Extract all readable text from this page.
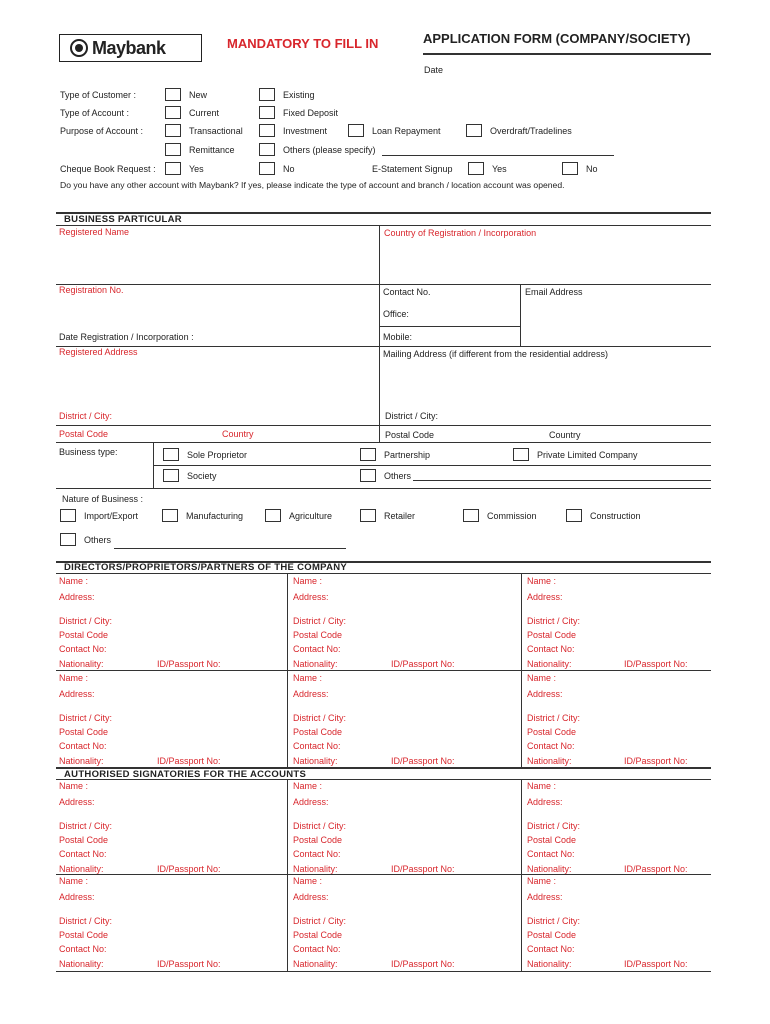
Maybank	MANDATORY TO FILL IN	APPLICATION FORM (COMPANY/SOCIETY)
Date
Type of Customer :	New	Existing
Type of Account :	Current	Fixed Deposit
Purpose of Account :	Transactional	Investment	Loan Repayment	Overdraft/Tradelines
Remittance	Others (please specify)
Cheque Book Request :	Yes	No	E-Statement Signup	Yes	No
Do you have any other account with Maybank? If yes, please indicate the type of account and branch / location account was opened.
BUSINESS PARTICULAR
Registered Name	Country of Registration / Incorporation
Registration No.	Contact No.	Email Address
Office:
Date Registration / Incorporation :	Mobile:
Registered Address	Mailing Address (if different from the residential address)
District / City:	District / City:
Postal Code	Country	Postal Code	Country
Business type:	Sole Proprietor	Partnership	Private Limited Company
Society	Others
Nature of Business :
Import/Export	Manufacturing	Agriculture	Retailer	Commission	Construction
Others
DIRECTORS/PROPRIETORS/PARTNERS OF THE COMPANY
Name :
Address:
District / City:
Postal Code
Contact No:
Nationality:	ID/Passport No:
Name :
Address:
District / City:
Postal Code
Contact No:
Nationality:	ID/Passport No:
Name :
Address:
District / City:
Postal Code
Contact No:
Nationality:	ID/Passport No:
Name :
Address:
District / City:
Postal Code
Contact No:
Nationality:	ID/Passport No:
Name :
Address:
District / City:
Postal Code
Contact No:
Nationality:	ID/Passport No:
Name :
Address:
District / City:
Postal Code
Contact No:
Nationality:	ID/Passport No:
AUTHORISED SIGNATORIES FOR THE ACCOUNTS
Name :
Address:
District / City:
Postal Code
Contact No:
Nationality:	ID/Passport No:
Name :
Address:
District / City:
Postal Code
Contact No:
Nationality:	ID/Passport No:
Name :
Address:
District / City:
Postal Code
Contact No:
Nationality:	ID/Passport No:
Name :
Address:
District / City:
Postal Code
Contact No:
Nationality:	ID/Passport No:
Name :
Address:
District / City:
Postal Code
Contact No:
Nationality:	ID/Passport No:
Name :
Address:
District / City:
Postal Code
Contact No:
Nationality:	ID/Passport No:
